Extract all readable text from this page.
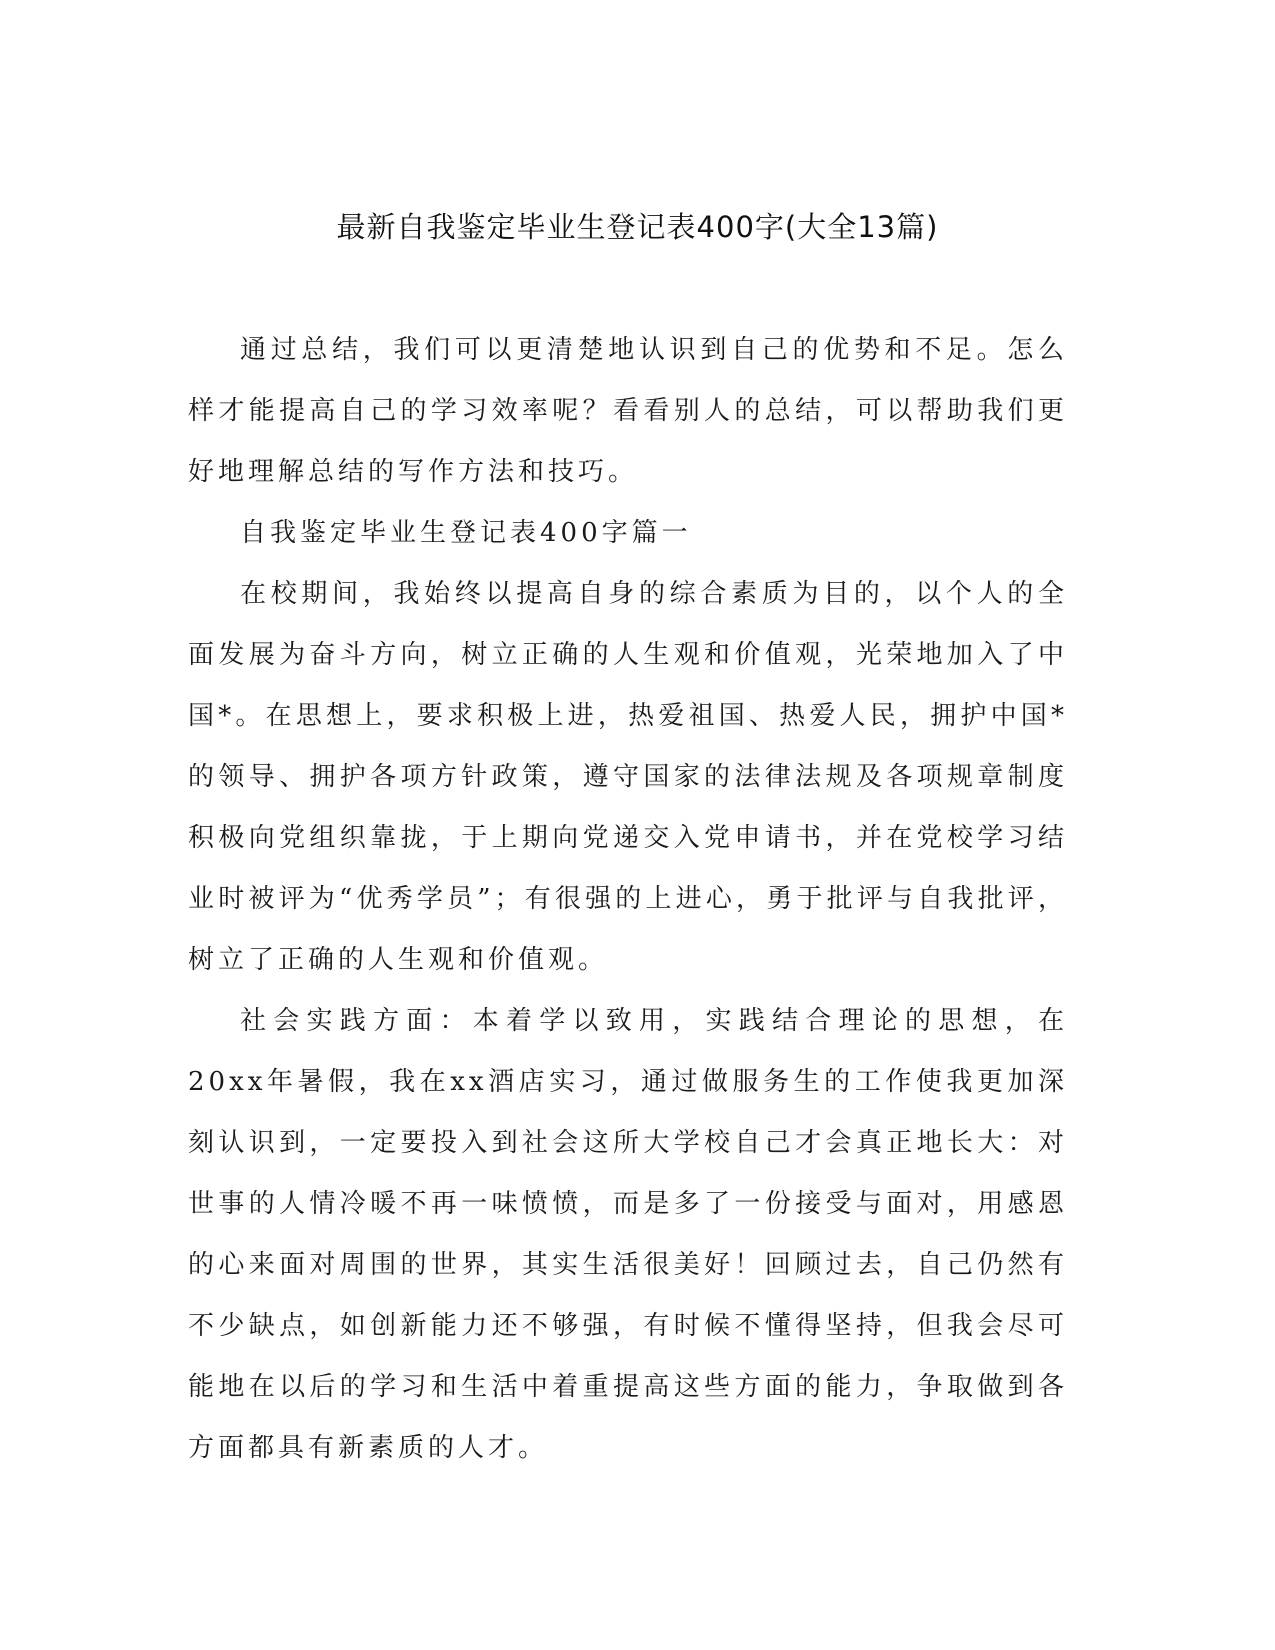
最新自我鉴定毕业生登记表400字(大全13篇)

通过总结，我们可以更清楚地认识到自己的优势和不足。怎么样才能提高自己的学习效率呢？看看别人的总结，可以帮助我们更好地理解总结的写作方法和技巧。

自我鉴定毕业生登记表400字篇一

在校期间，我始终以提高自身的综合素质为目的，以个人的全面发展为奋斗方向，树立正确的人生观和价值观，光荣地加入了中国*。在思想上，要求积极上进，热爱祖国、热爱人民，拥护中国*的领导、拥护各项方针政策，遵守国家的法律法规及各项规章制度积极向党组织靠拢，于上期向党递交入党申请书，并在党校学习结业时被评为“优秀学员”；有很强的上进心，勇于批评与自我批评，树立了正确的人生观和价值观。

社会实践方面：本着学以致用，实践结合理论的思想，在20xx年暑假，我在xx酒店实习，通过做服务生的工作使我更加深刻认识到，一定要投入到社会这所大学校自己才会真正地长大：对世事的人情冷暖不再一味愤愤，而是多了一份接受与面对，用感恩的心来面对周围的世界，其实生活很美好！回顾过去，自己仍然有不少缺点，如创新能力还不够强，有时候不懂得坚持，但我会尽可能地在以后的学习和生活中着重提高这些方面的能力，争取做到各方面都具有新素质的人才。
